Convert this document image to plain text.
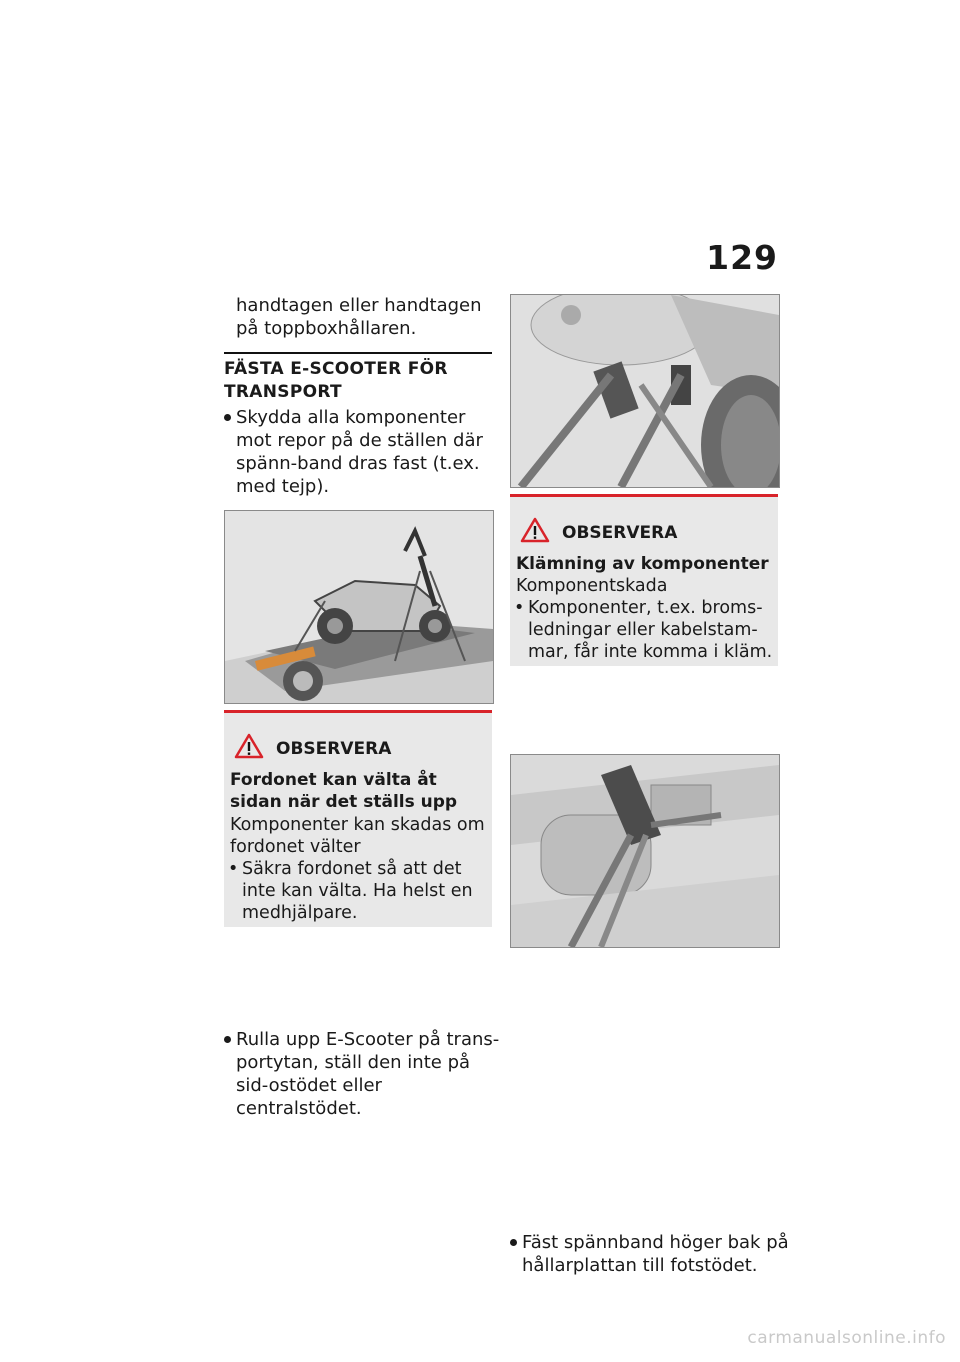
129
handtagen eller handtagen på toppboxhållaren.
FÄSTA E-SCOOTER FÖR TRANSPORT
Skydda alla komponenter mot repor på de ställen där spänn-band dras fast (t.ex. med tejp).
OBSERVERA
Fordonet kan välta åt sidan när det ställs upp
Komponenter kan skadas om fordonet välter
• Säkra fordonet så att det inte kan välta. Ha helst en medhjälpare.
Rulla upp E-Scooter på trans-portytan, ställ den inte på sid-ostödet eller centralstödet.
OBSERVERA
Klämning av komponenter
Komponentskada
• Komponenter, t.ex. broms-ledningar eller kabelstam-mar, får inte komma i kläm.
Fäst spännband höger bak på hållarplattan till fotstödet.
carmanualsonline.info
